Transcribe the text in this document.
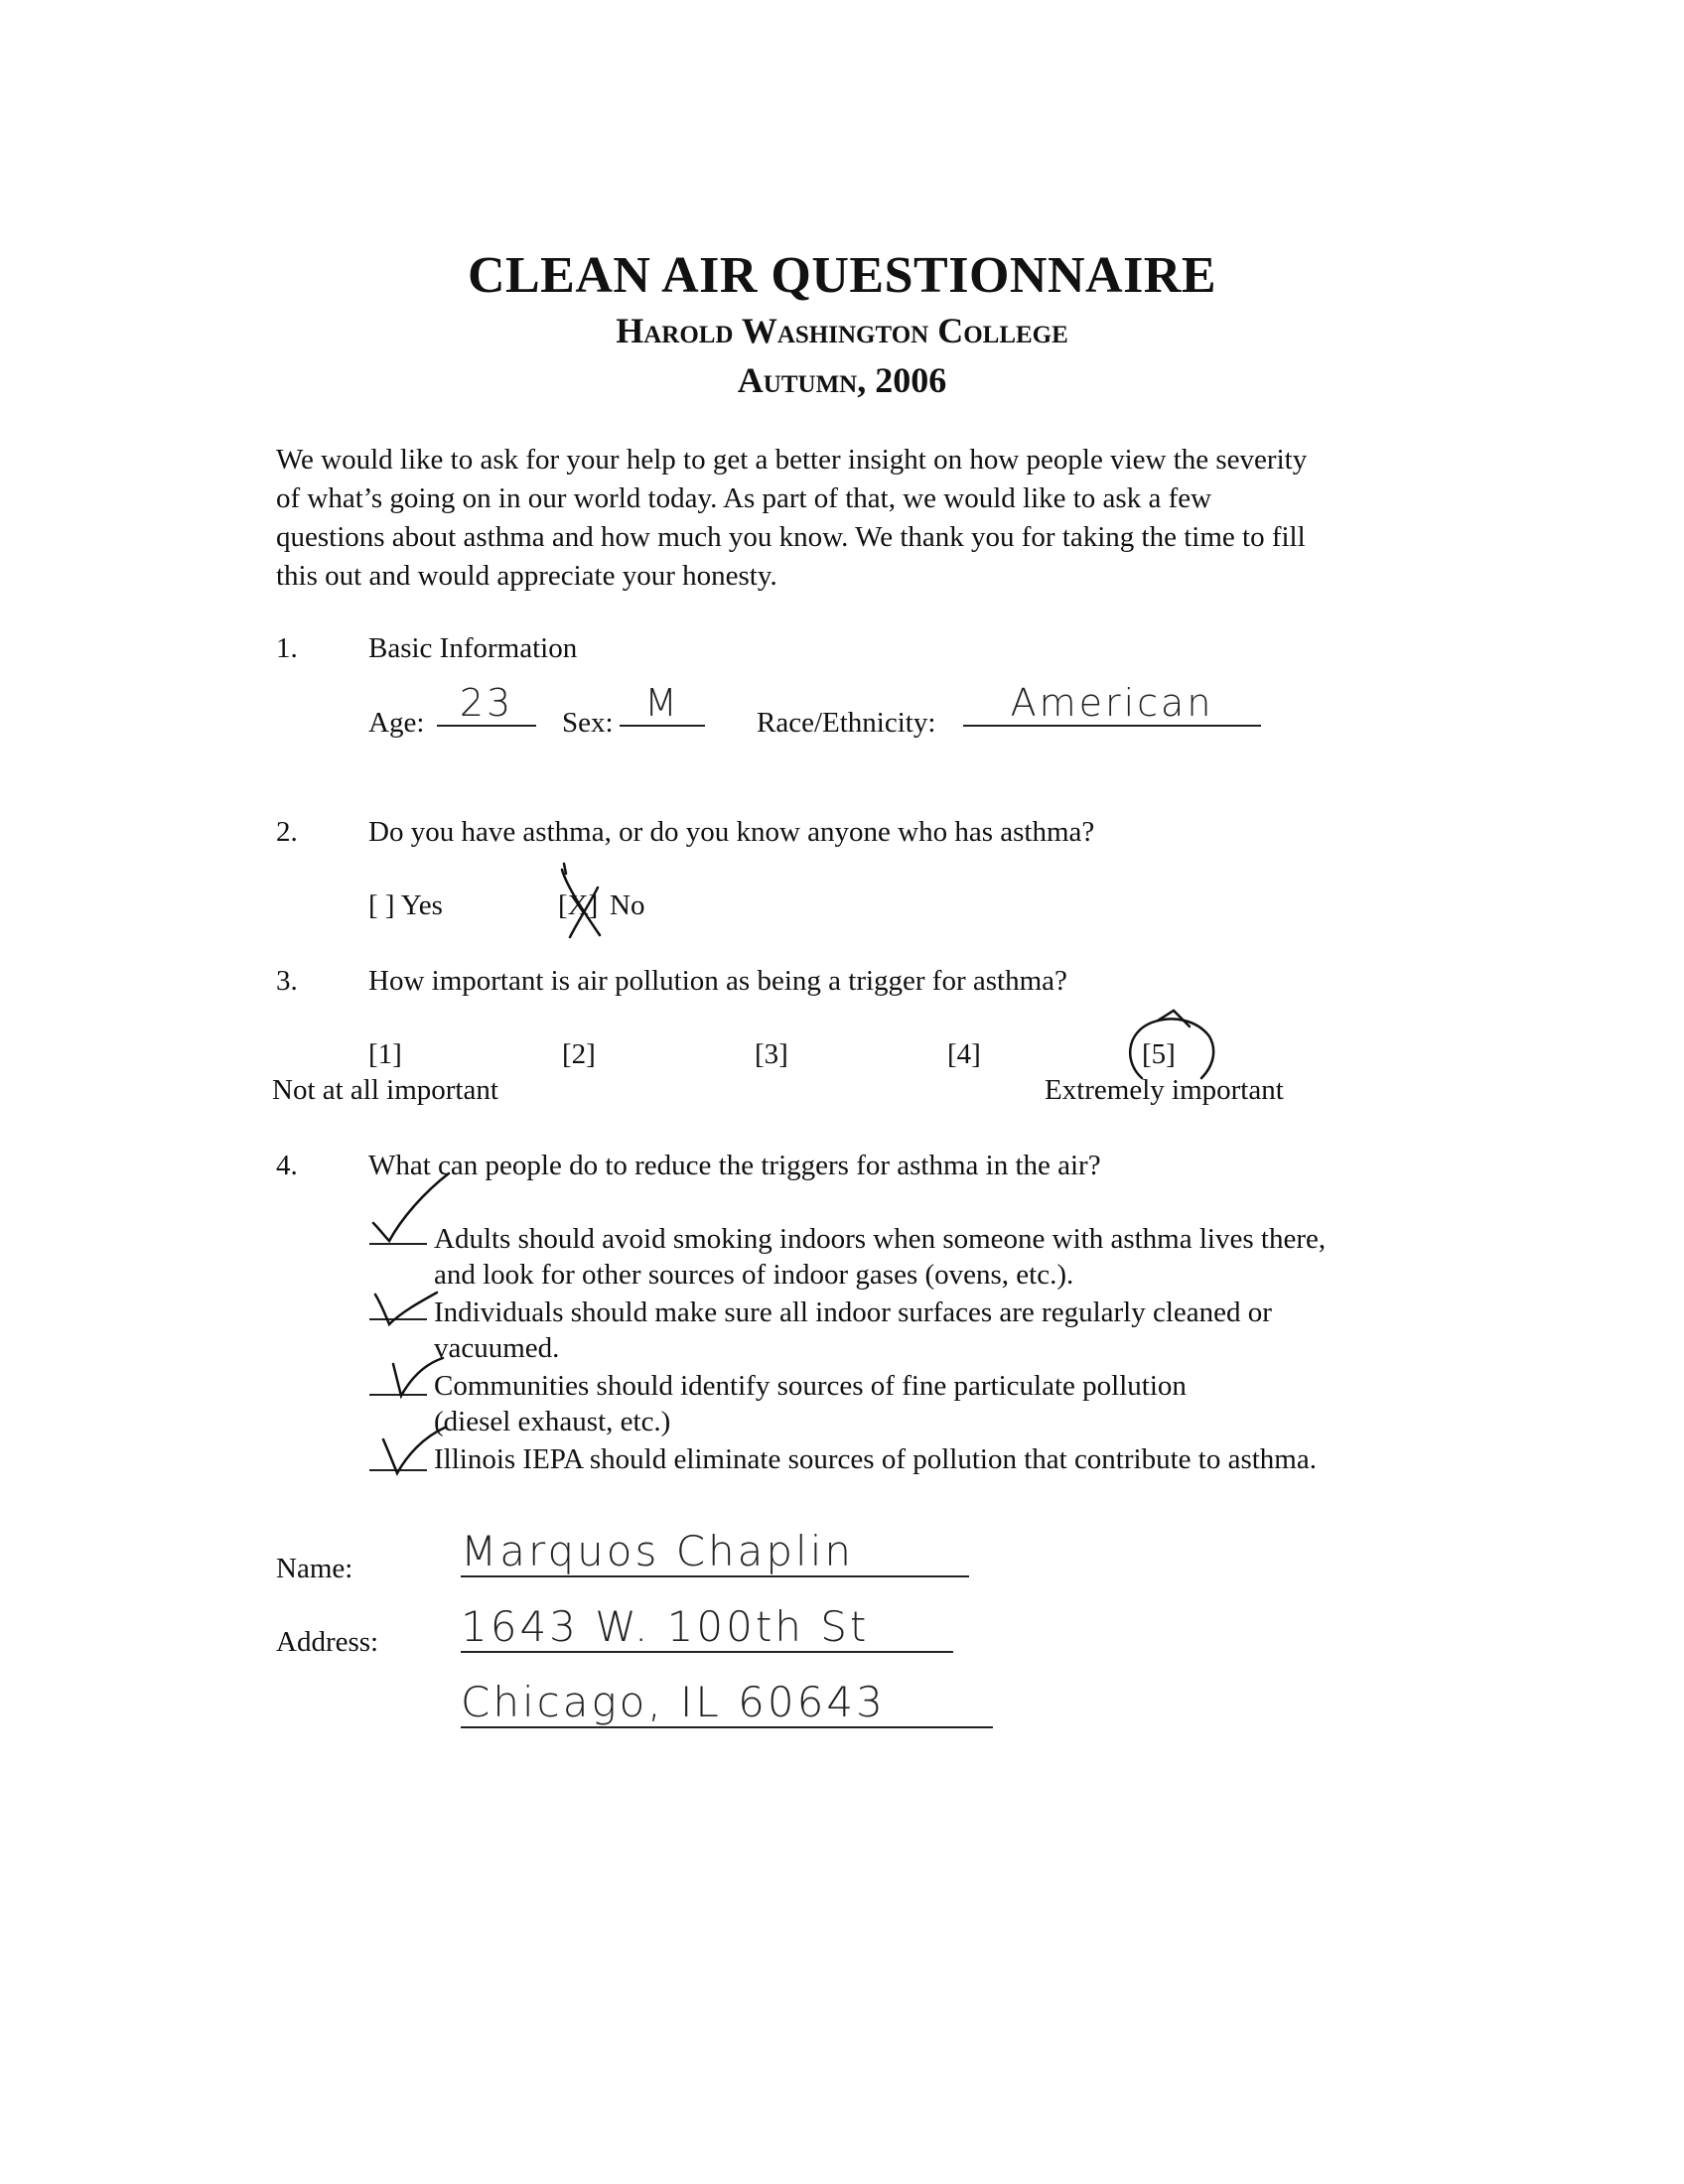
CLEAN AIR QUESTIONNAIRE
Harold Washington College
Autumn, 2006
We would like to ask for your help to get a better insight on how people view the severity
of what’s going on in our world today. As part of that, we would like to ask a few
questions about asthma and how much you know. We thank you for taking the time to fill
this out and would appreciate your honesty.
1. Basic Information
Age: 23	Sex: M	Race/Ethnicity:	American
2. Do you have asthma, or do you know anyone who has asthma?
[ ] Yes	[X] No
3. How important is air pollution as being a trigger for asthma?
[1]	[2]	[3]	[4]	[5]
Not at all important	Extremely important
4. What can people do to reduce the triggers for asthma in the air?
Adults should avoid smoking indoors when someone with asthma lives there,
and look for other sources of indoor gases (ovens, etc.).
Individuals should make sure all indoor surfaces are regularly cleaned or
vacuumed.
Communities should identify sources of fine particulate pollution
(diesel exhaust, etc.)
Illinois IEPA should eliminate sources of pollution that contribute to asthma.
Name:	Marquos Chaplin
Address: 1643 W. 100th St
Chicago, IL 60643
